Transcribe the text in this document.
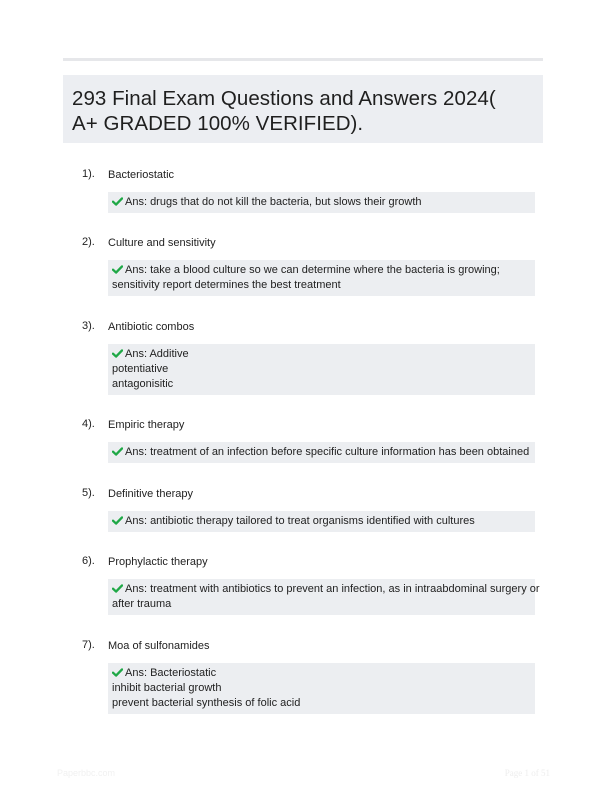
293 Final Exam Questions and Answers 2024(
A+ GRADED 100% VERIFIED).
1). Bacteriostatic
Ans: drugs that do not kill the bacteria, but slows their growth
2). Culture and sensitivity
Ans: take a blood culture so we can determine where the bacteria is growing;
sensitivity report determines the best treatment
3). Antibiotic combos
Ans: Additive
potentiative
antagonisitic
4). Empiric therapy
Ans: treatment of an infection before specific culture information has been obtained
5). Definitive therapy
Ans: antibiotic therapy tailored to treat organisms identified with cultures
6). Prophylactic therapy
Ans: treatment with antibiotics to prevent an infection, as in intraabdominal surgery or
after trauma
7). Moa of sulfonamides
Ans: Bacteriostatic
inhibit bacterial growth
prevent bacterial synthesis of folic acid
Paperbbc.com	Page 1 of 51
